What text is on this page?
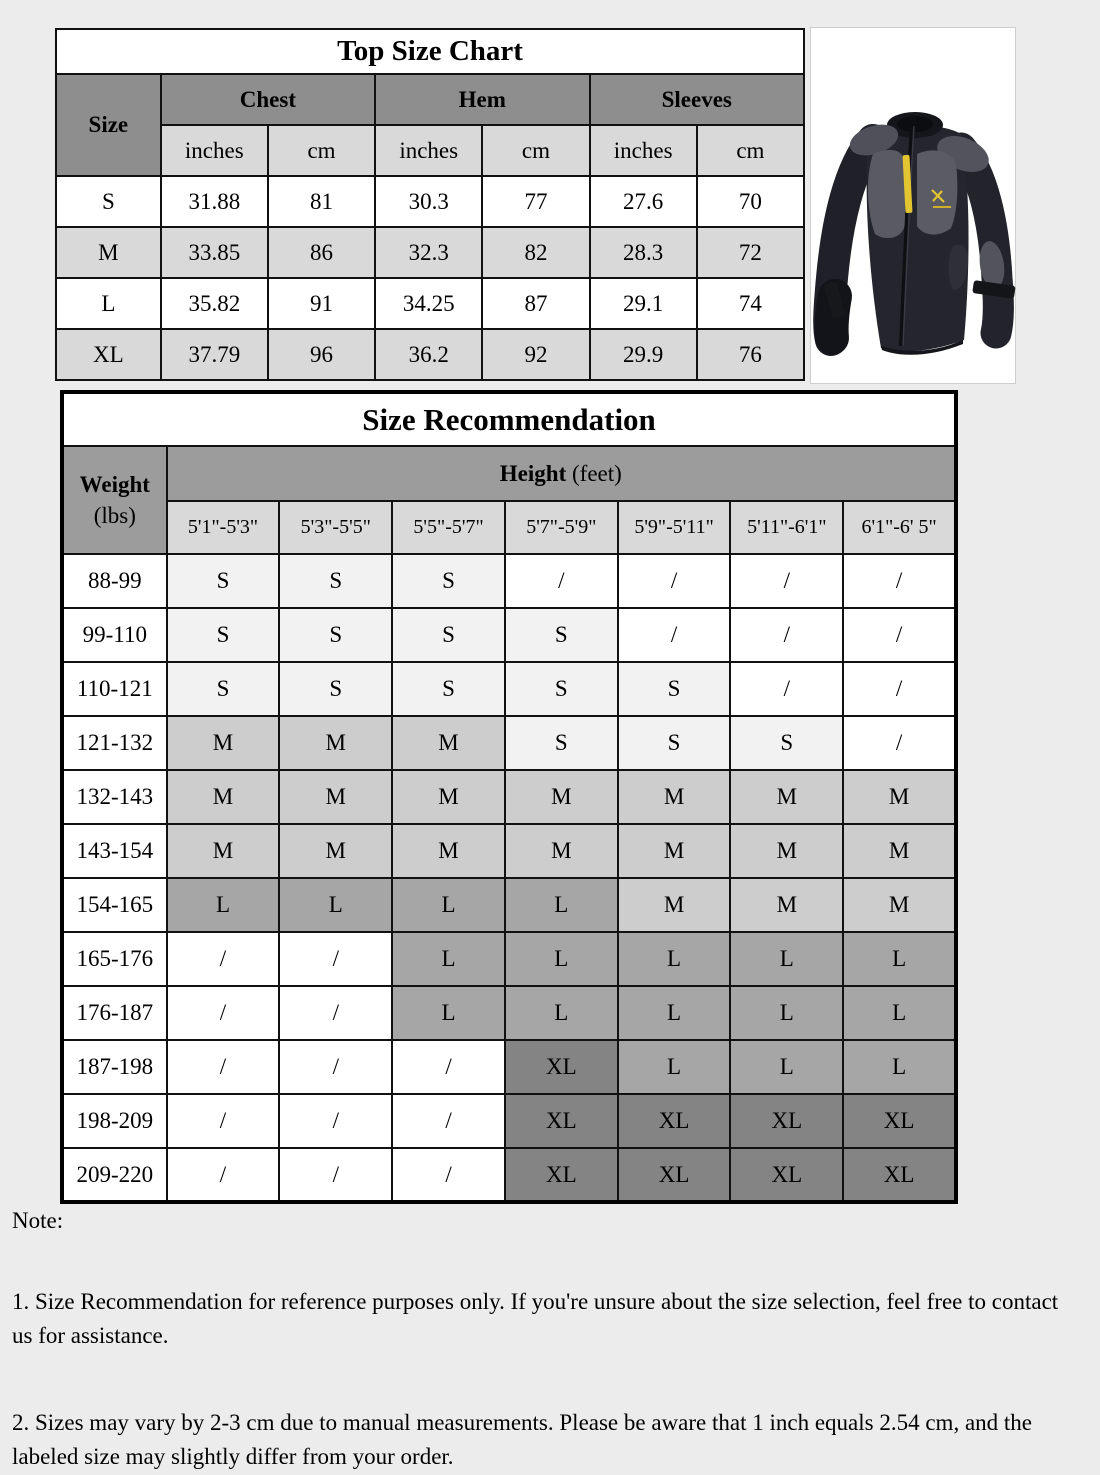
Top Size Chart						
Size	Chest		Hem		Sleeves	
	inches	cm	inches	cm	inches	cm
S	31.88	81	30.3	77	27.6	70
M	33.85	86	32.3	82	28.3	72
L	35.82	91	34.25	87	29.1	74
XL	37.79	96	36.2	92	29.9	76
Size Recommendation							
Weight
(lbs)	Height (feet)						
	5'1"-5'3"	5'3"-5'5"	5'5"-5'7"	5'7"-5'9"	5'9"-5'11"	5'11"-6'1"	6'1"-6' 5"
88-99	S	S	S	/	/	/	/
99-110	S	S	S	S	/	/	/
110-121	S	S	S	S	S	/	/
121-132	M	M	M	S	S	S	/
132-143	M	M	M	M	M	M	M
143-154	M	M	M	M	M	M	M
154-165	L	L	L	L	M	M	M
165-176	/	/	L	L	L	L	L
176-187	/	/	L	L	L	L	L
187-198	/	/	/	XL	L	L	L
198-209	/	/	/	XL	XL	XL	XL
209-220	/	/	/	XL	XL	XL	XL
Note:

1. Size Recommendation for reference purposes only. If you're unsure about the size selection, feel free to contact us for assistance.

2. Sizes may vary by 2-3 cm due to manual measurements. Please be aware that 1 inch equals 2.54 cm, and the labeled size may slightly differ from your order.
